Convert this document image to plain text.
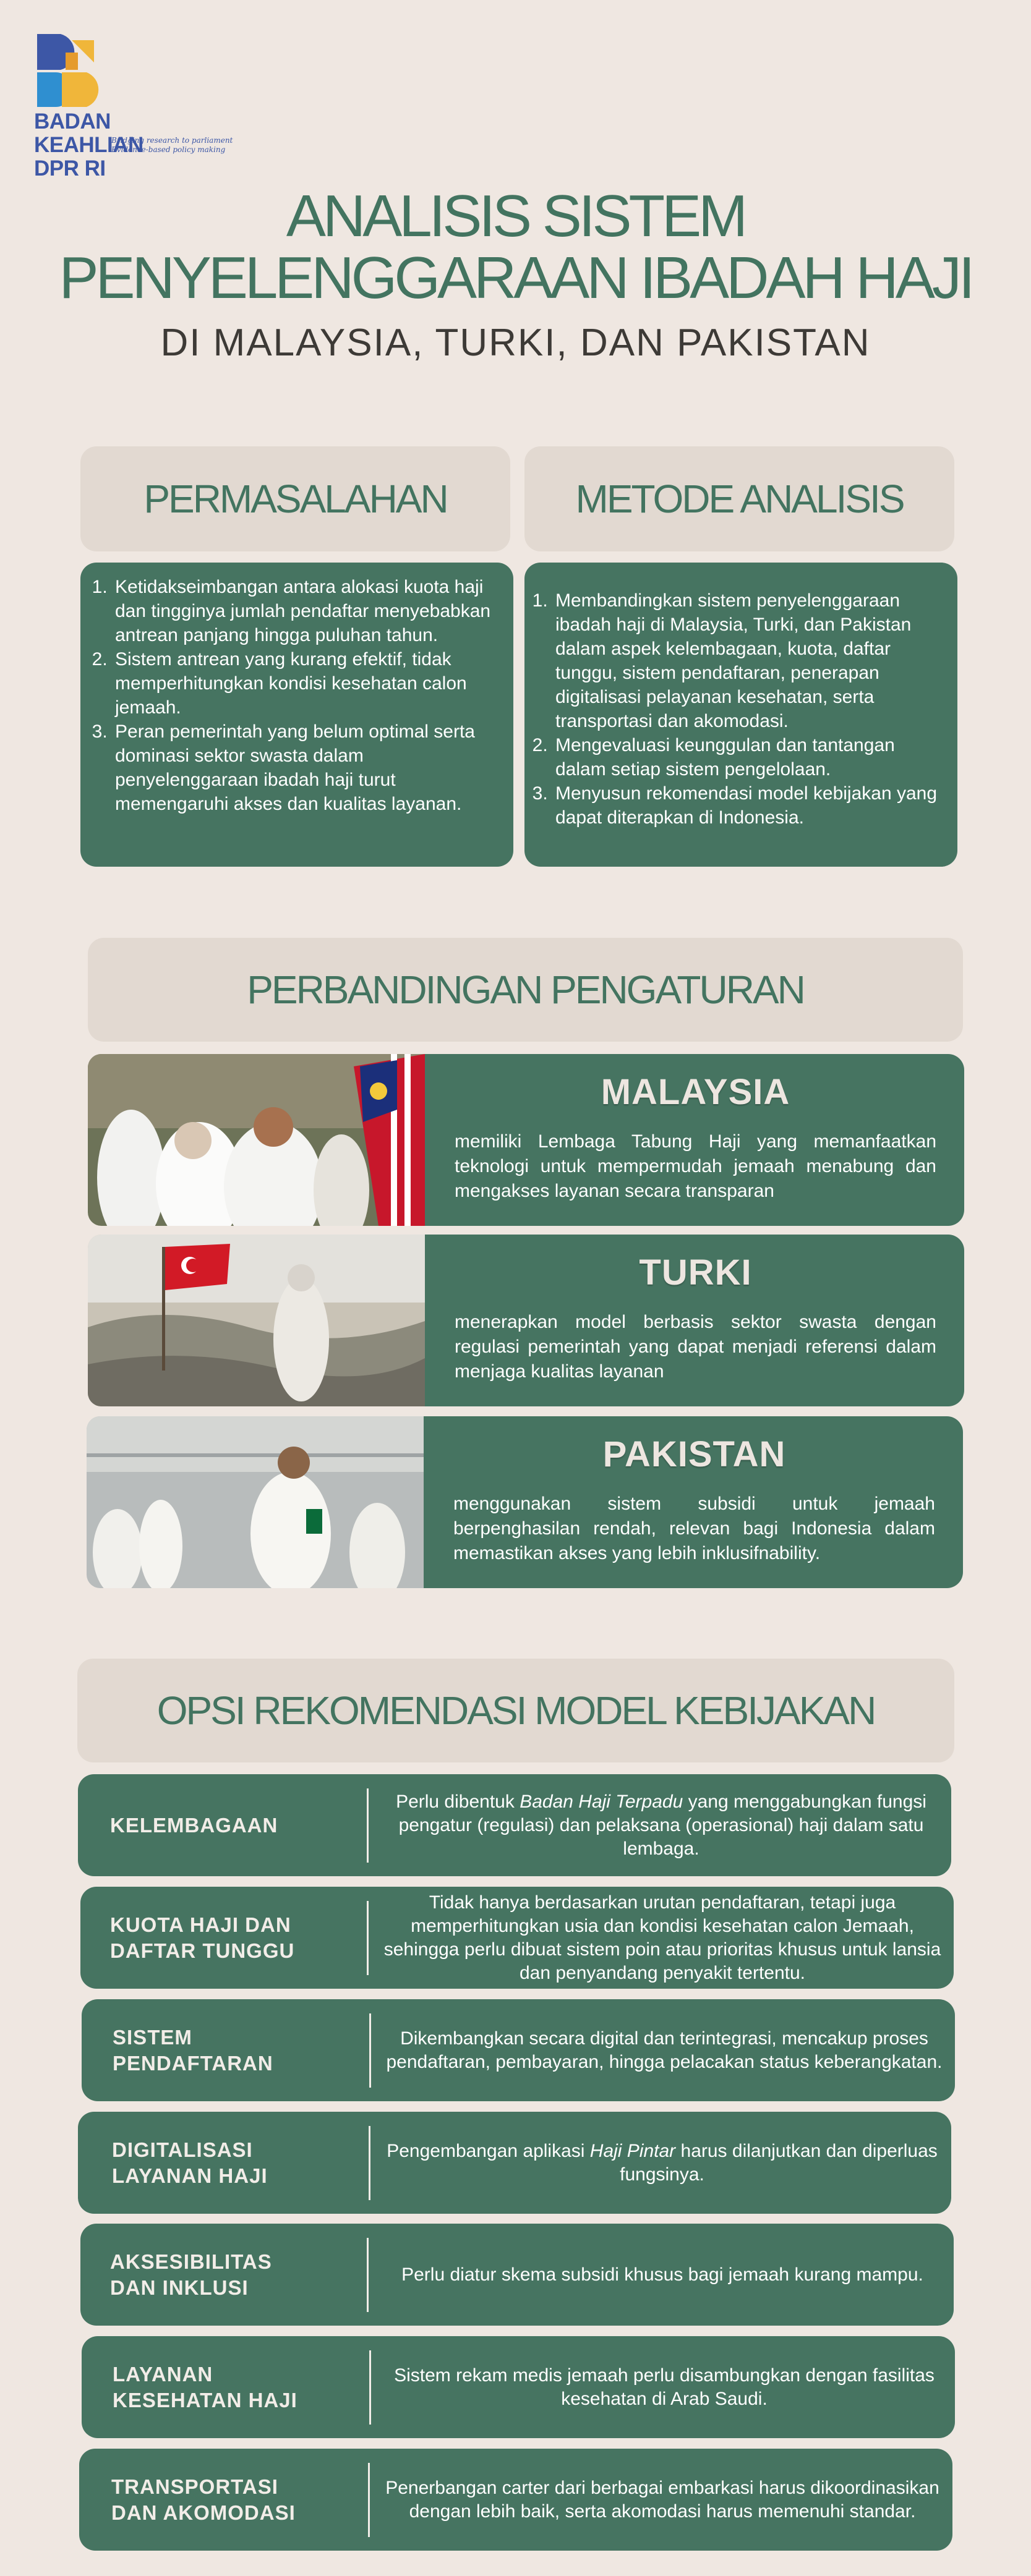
BADAN KEAHLIAN
DPR RI
Bridging research to parliament
Evidence-based policy making
ANALISIS SISTEM
PENYELENGGARAAN IBADAH HAJI
DI MALAYSIA, TURKI, DAN PAKISTAN
PERMASALAHAN	METODE ANALISIS
1. Ketidakseimbangan antara alokasi kuota haji dan tingginya jumlah pendaftar menyebabkan antrean panjang hingga puluhan tahun.
2. Sistem antrean yang kurang efektif, tidak memperhitungkan kondisi kesehatan calon jemaah.
3. Peran pemerintah yang belum optimal serta dominasi sektor swasta dalam penyelenggaraan ibadah haji turut memengaruhi akses dan kualitas layanan.
1. Membandingkan sistem penyelenggaraan ibadah haji di Malaysia, Turki, dan Pakistan dalam aspek kelembagaan, kuota, daftar tunggu, sistem pendaftaran, penerapan digitalisasi pelayanan kesehatan, serta transportasi dan akomodasi.
2. Mengevaluasi keunggulan dan tantangan dalam setiap sistem pengelolaan.
3. Menyusun rekomendasi model kebijakan yang dapat diterapkan di Indonesia.
PERBANDINGAN PENGATURAN
MALAYSIA
memiliki Lembaga Tabung Haji yang memanfaatkan teknologi untuk mempermudah jemaah menabung dan mengakses layanan secara transparan
TURKI
menerapkan model berbasis sektor swasta dengan regulasi pemerintah yang dapat menjadi referensi dalam menjaga kualitas layanan
PAKISTAN
menggunakan sistem subsidi untuk jemaah berpenghasilan rendah, relevan bagi Indonesia dalam memastikan akses yang lebih inklusifnability.
OPSI REKOMENDASI MODEL KEBIJAKAN
KELEMBAGAAN
Perlu dibentuk Badan Haji Terpadu yang menggabungkan fungsi pengatur (regulasi) dan pelaksana (operasional) haji dalam satu lembaga.
KUOTA HAJI DAN
DAFTAR TUNGGU
Tidak hanya berdasarkan urutan pendaftaran, tetapi juga memperhitungkan usia dan kondisi kesehatan calon Jemaah, sehingga perlu dibuat sistem poin atau prioritas khusus untuk lansia dan penyandang penyakit tertentu.
SISTEM
PENDAFTARAN
Dikembangkan secara digital dan terintegrasi, mencakup proses pendaftaran, pembayaran, hingga pelacakan status keberangkatan.
DIGITALISASI
LAYANAN HAJI
Pengembangan aplikasi Haji Pintar harus dilanjutkan dan diperluas fungsinya.
AKSESIBILITAS
DAN INKLUSI
Perlu diatur skema subsidi khusus bagi jemaah kurang mampu.
LAYANAN
KESEHATAN HAJI
Sistem rekam medis jemaah perlu disambungkan dengan fasilitas kesehatan di Arab Saudi.
TRANSPORTASI
DAN AKOMODASI
Penerbangan carter dari berbagai embarkasi harus dikoordinasikan dengan lebih baik, serta akomodasi harus memenuhi standar.
